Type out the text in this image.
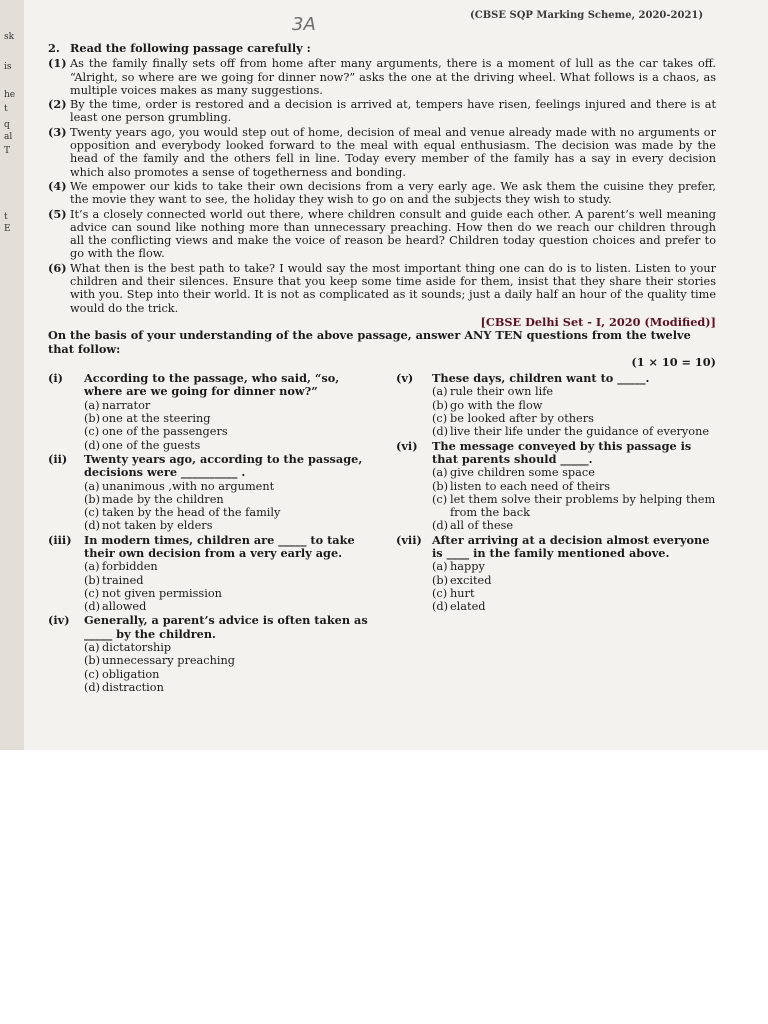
sk
is
he
t
q
al
T
t
E
3A	(CBSE SQP Marking Scheme, 2020-2021)

2. Read the following passage carefully :

(1) As the family finally sets off from home after many arguments, there is a moment of lull as the car takes off. “Alright, so where are we going for dinner now?” asks the one at the driving wheel. What follows is a chaos, as multiple voices makes as many suggestions.
(2) By the time, order is restored and a decision is arrived at, tempers have risen, feelings injured and there is at least one person grumbling.
(3) Twenty years ago, you would step out of home, decision of meal and venue already made with no arguments or opposition and everybody looked forward to the meal with equal enthusiasm. The decision was made by the head of the family and the others fell in line. Today every member of the family has a say in every decision which also promotes a sense of togetherness and bonding.
(4) We empower our kids to take their own decisions from a very early age. We ask them the cuisine they prefer, the movie they want to see, the holiday they wish to go on and the subjects they wish to study.
(5) It’s a closely connected world out there, where children consult and guide each other. A parent’s well meaning advice can sound like nothing more than unnecessary preaching. How then do we reach our children through all the conflicting views and make the voice of reason be heard? Children today question choices and prefer to go with the flow.
(6) What then is the best path to take? I would say the most important thing one can do is to listen. Listen to your children and their silences. Ensure that you keep some time aside for them, insist that they share their stories with you. Step into their world. It is not as complicated as it sounds; just a daily half an hour of the quality time would do the trick.

[CBSE Delhi Set - I, 2020 (Modified)]

On the basis of your understanding of the above passage, answer ANY TEN questions from the twelve that follow:

(1 × 10 = 10)

(i)	According to the passage, who said, “so, where are we going for dinner now?”
(a) narrator
(b) one at the steering
(c) one of the passengers
(d) one of the guests
(ii)	Twenty years ago, according to the passage, decisions were __________ .
(a) unanimous ,with no argument
(b) made by the children
(c) taken by the head of the family
(d) not taken by elders
(iii)	In modern times, children are _____ to take their own decision from a very early age.
(a) forbidden
(b) trained
(c) not given permission
(d) allowed
(iv)	Generally, a parent’s advice is often taken as _____ by the children.
(a) dictatorship
(b) unnecessary preaching
(c) obligation
(d) distraction
(v)	These days, children want to _____.
(a) rule their own life
(b) go with the flow
(c) be looked after by others
(d) live their life under the guidance of everyone
(vi)	The message conveyed by this passage is that parents should _____.
(a) give children some space
(b) listen to each need of theirs
(c) let them solve their problems by helping them from the back
(d) all of these
(vii) After arriving at a decision almost everyone is ____ in the family mentioned above.
(a) happy
(b) excited
(c) hurt
(d) elated
